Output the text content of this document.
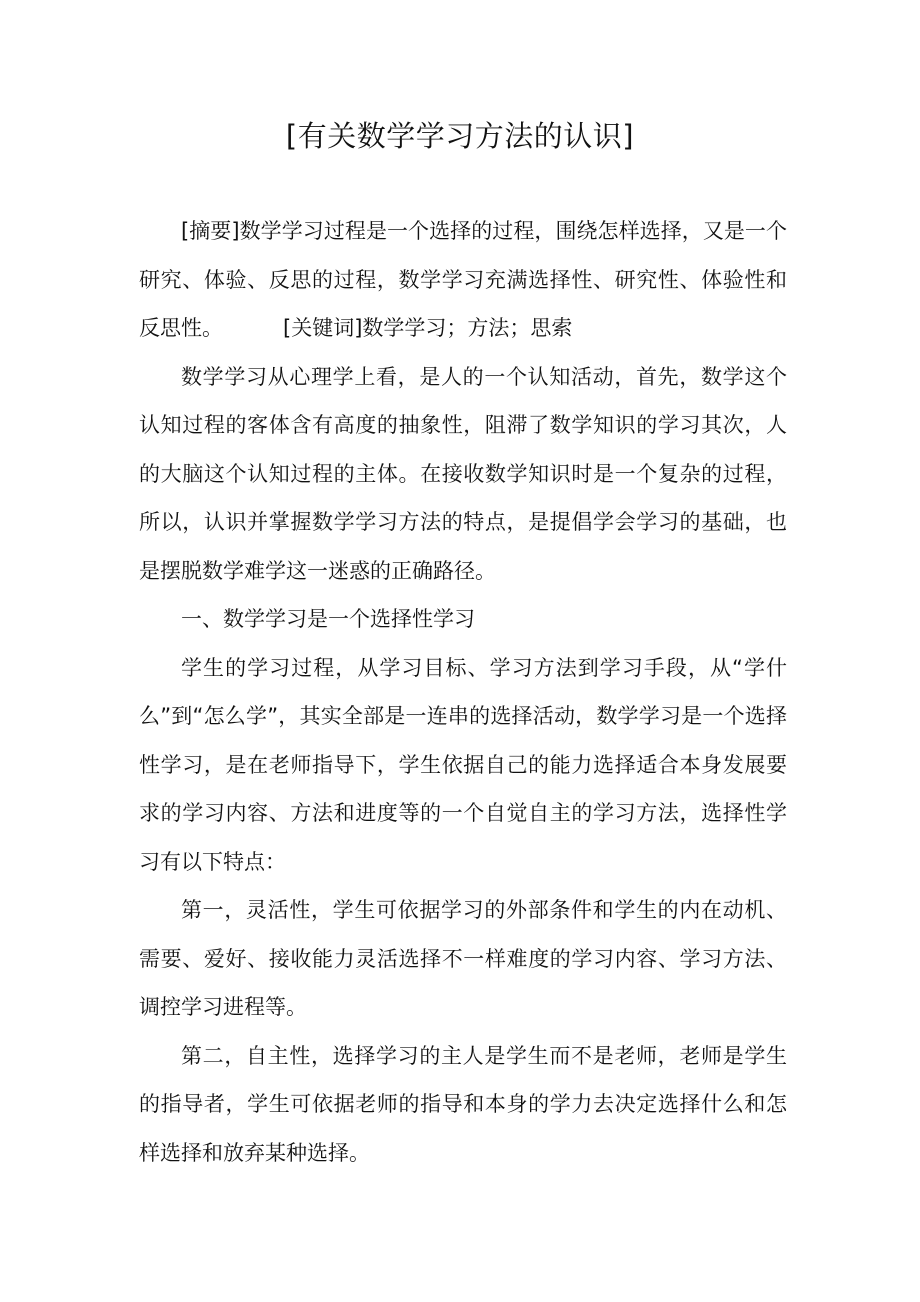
[有关数学学习方法的认识]

[摘要]数学学习过程是一个选择的过程，围绕怎样选择，又是一个研究、体验、反思的过程，数学学习充满选择性、研究性、体验性和反思性。	[关键词]数学学习；方法；思索

数学学习从心理学上看，是人的一个认知活动，首先，数学这个认知过程的客体含有高度的抽象性，阻滞了数学知识的学习其次，人的大脑这个认知过程的主体。在接收数学知识时是一个复杂的过程，所以，认识并掌握数学学习方法的特点，是提倡学会学习的基础，也是摆脱数学难学这一迷惑的正确路径。

一、数学学习是一个选择性学习

学生的学习过程，从学习目标、学习方法到学习手段，从“学什么”到“怎么学”，其实全部是一连串的选择活动，数学学习是一个选择性学习，是在老师指导下，学生依据自己的能力选择适合本身发展要求的学习内容、方法和进度等的一个自觉自主的学习方法，选择性学习有以下特点：

第一，灵活性，学生可依据学习的外部条件和学生的内在动机、需要、爱好、接收能力灵活选择不一样难度的学习内容、学习方法、调控学习进程等。

第二，自主性，选择学习的主人是学生而不是老师，老师是学生的指导者，学生可依据老师的指导和本身的学力去决定选择什么和怎样选择和放弃某种选择。
